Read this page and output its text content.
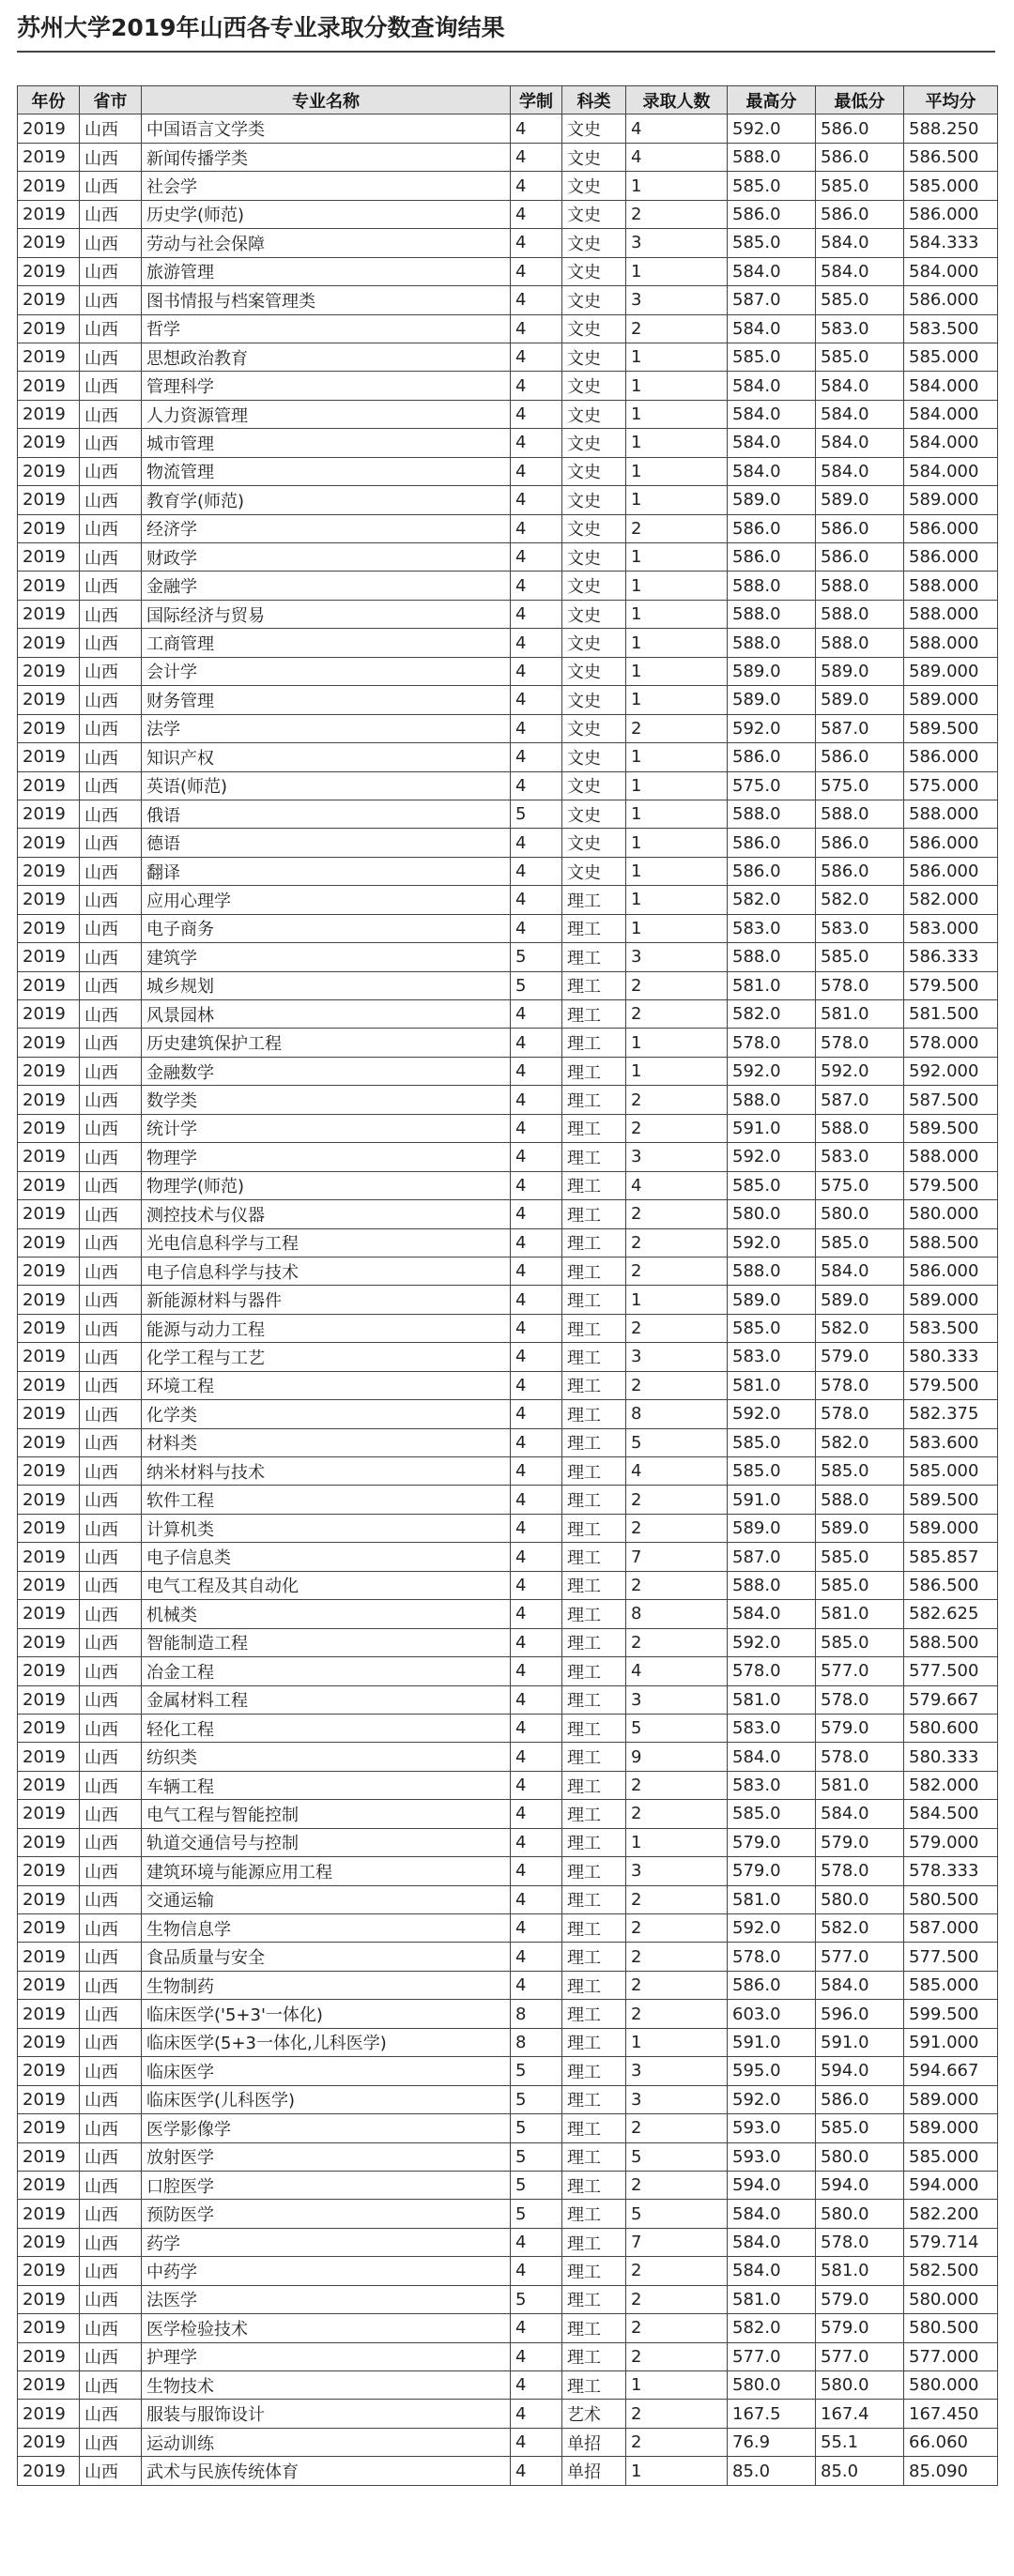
苏州大学2019年山西各专业录取分数查询结果
年份	省市	专业名称	学制	科类	录取人数	最高分	最低分	平均分
2019	山西	中国语言文学类	4	文史	4	592.0	586.0	588.250
2019	山西	新闻传播学类	4	文史	4	588.0	586.0	586.500
2019	山西	社会学	4	文史	1	585.0	585.0	585.000
2019	山西	历史学(师范)	4	文史	2	586.0	586.0	586.000
2019	山西	劳动与社会保障	4	文史	3	585.0	584.0	584.333
2019	山西	旅游管理	4	文史	1	584.0	584.0	584.000
2019	山西	图书情报与档案管理类	4	文史	3	587.0	585.0	586.000
2019	山西	哲学	4	文史	2	584.0	583.0	583.500
2019	山西	思想政治教育	4	文史	1	585.0	585.0	585.000
2019	山西	管理科学	4	文史	1	584.0	584.0	584.000
2019	山西	人力资源管理	4	文史	1	584.0	584.0	584.000
2019	山西	城市管理	4	文史	1	584.0	584.0	584.000
2019	山西	物流管理	4	文史	1	584.0	584.0	584.000
2019	山西	教育学(师范)	4	文史	1	589.0	589.0	589.000
2019	山西	经济学	4	文史	2	586.0	586.0	586.000
2019	山西	财政学	4	文史	1	586.0	586.0	586.000
2019	山西	金融学	4	文史	1	588.0	588.0	588.000
2019	山西	国际经济与贸易	4	文史	1	588.0	588.0	588.000
2019	山西	工商管理	4	文史	1	588.0	588.0	588.000
2019	山西	会计学	4	文史	1	589.0	589.0	589.000
2019	山西	财务管理	4	文史	1	589.0	589.0	589.000
2019	山西	法学	4	文史	2	592.0	587.0	589.500
2019	山西	知识产权	4	文史	1	586.0	586.0	586.000
2019	山西	英语(师范)	4	文史	1	575.0	575.0	575.000
2019	山西	俄语	5	文史	1	588.0	588.0	588.000
2019	山西	德语	4	文史	1	586.0	586.0	586.000
2019	山西	翻译	4	文史	1	586.0	586.0	586.000
2019	山西	应用心理学	4	理工	1	582.0	582.0	582.000
2019	山西	电子商务	4	理工	1	583.0	583.0	583.000
2019	山西	建筑学	5	理工	3	588.0	585.0	586.333
2019	山西	城乡规划	5	理工	2	581.0	578.0	579.500
2019	山西	风景园林	4	理工	2	582.0	581.0	581.500
2019	山西	历史建筑保护工程	4	理工	1	578.0	578.0	578.000
2019	山西	金融数学	4	理工	1	592.0	592.0	592.000
2019	山西	数学类	4	理工	2	588.0	587.0	587.500
2019	山西	统计学	4	理工	2	591.0	588.0	589.500
2019	山西	物理学	4	理工	3	592.0	583.0	588.000
2019	山西	物理学(师范)	4	理工	4	585.0	575.0	579.500
2019	山西	测控技术与仪器	4	理工	2	580.0	580.0	580.000
2019	山西	光电信息科学与工程	4	理工	2	592.0	585.0	588.500
2019	山西	电子信息科学与技术	4	理工	2	588.0	584.0	586.000
2019	山西	新能源材料与器件	4	理工	1	589.0	589.0	589.000
2019	山西	能源与动力工程	4	理工	2	585.0	582.0	583.500
2019	山西	化学工程与工艺	4	理工	3	583.0	579.0	580.333
2019	山西	环境工程	4	理工	2	581.0	578.0	579.500
2019	山西	化学类	4	理工	8	592.0	578.0	582.375
2019	山西	材料类	4	理工	5	585.0	582.0	583.600
2019	山西	纳米材料与技术	4	理工	4	585.0	585.0	585.000
2019	山西	软件工程	4	理工	2	591.0	588.0	589.500
2019	山西	计算机类	4	理工	2	589.0	589.0	589.000
2019	山西	电子信息类	4	理工	7	587.0	585.0	585.857
2019	山西	电气工程及其自动化	4	理工	2	588.0	585.0	586.500
2019	山西	机械类	4	理工	8	584.0	581.0	582.625
2019	山西	智能制造工程	4	理工	2	592.0	585.0	588.500
2019	山西	冶金工程	4	理工	4	578.0	577.0	577.500
2019	山西	金属材料工程	4	理工	3	581.0	578.0	579.667
2019	山西	轻化工程	4	理工	5	583.0	579.0	580.600
2019	山西	纺织类	4	理工	9	584.0	578.0	580.333
2019	山西	车辆工程	4	理工	2	583.0	581.0	582.000
2019	山西	电气工程与智能控制	4	理工	2	585.0	584.0	584.500
2019	山西	轨道交通信号与控制	4	理工	1	579.0	579.0	579.000
2019	山西	建筑环境与能源应用工程	4	理工	3	579.0	578.0	578.333
2019	山西	交通运输	4	理工	2	581.0	580.0	580.500
2019	山西	生物信息学	4	理工	2	592.0	582.0	587.000
2019	山西	食品质量与安全	4	理工	2	578.0	577.0	577.500
2019	山西	生物制药	4	理工	2	586.0	584.0	585.000
2019	山西	临床医学('5+3'一体化)	8	理工	2	603.0	596.0	599.500
2019	山西	临床医学(5+3一体化,儿科医学)	8	理工	1	591.0	591.0	591.000
2019	山西	临床医学	5	理工	3	595.0	594.0	594.667
2019	山西	临床医学(儿科医学)	5	理工	3	592.0	586.0	589.000
2019	山西	医学影像学	5	理工	2	593.0	585.0	589.000
2019	山西	放射医学	5	理工	5	593.0	580.0	585.000
2019	山西	口腔医学	5	理工	2	594.0	594.0	594.000
2019	山西	预防医学	5	理工	5	584.0	580.0	582.200
2019	山西	药学	4	理工	7	584.0	578.0	579.714
2019	山西	中药学	4	理工	2	584.0	581.0	582.500
2019	山西	法医学	5	理工	2	581.0	579.0	580.000
2019	山西	医学检验技术	4	理工	2	582.0	579.0	580.500
2019	山西	护理学	4	理工	2	577.0	577.0	577.000
2019	山西	生物技术	4	理工	1	580.0	580.0	580.000
2019	山西	服装与服饰设计	4	艺术	2	167.5	167.4	167.450
2019	山西	运动训练	4	单招	2	76.9	55.1	66.060
2019	山西	武术与民族传统体育	4	单招	1	85.0	85.0	85.090
